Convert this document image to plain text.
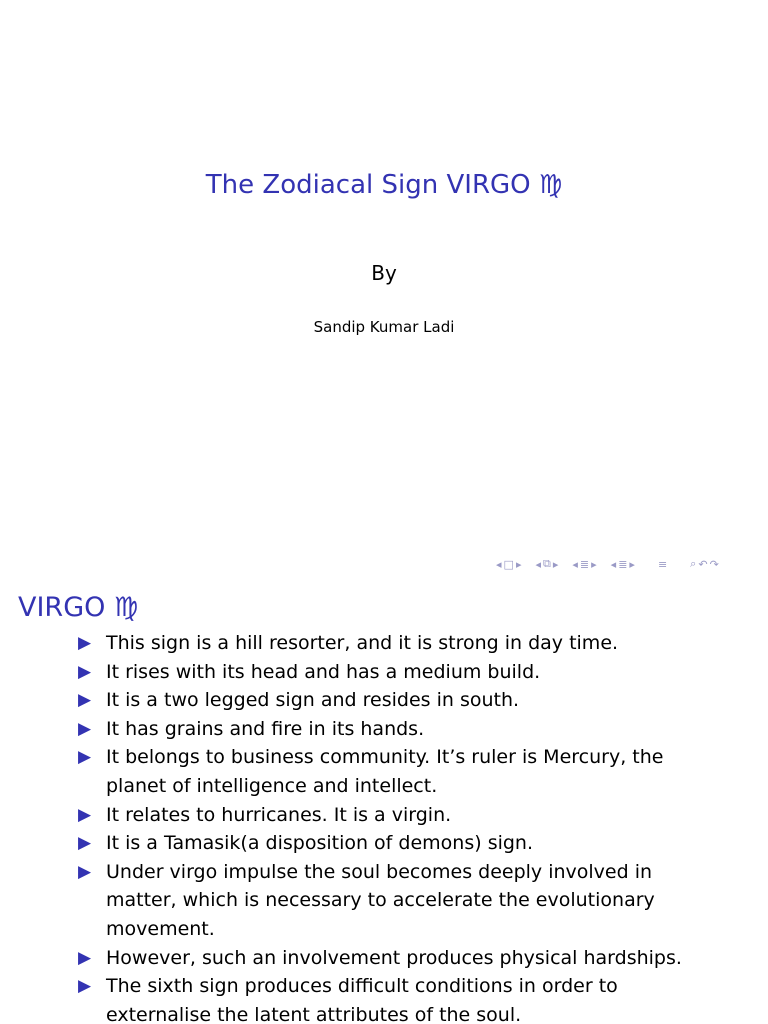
The Zodiacal Sign VIRGO ♍
By
Sandip Kumar Ladi
◂ □ ▸ ◂ ⧉ ▸ ◂ ≣ ▸ ◂ ≣ ▸ ≡ ⌕ ↶ ↷
VIRGO ♍
▶ This sign is a hill resorter, and it is strong in day time.
▶ It rises with its head and has a medium build.
▶ It is a two legged sign and resides in south.
▶ It has grains and fire in its hands.
▶ It belongs to business community. It’s ruler is Mercury, the planet of intelligence and intellect.
▶ It relates to hurricanes. It is a virgin.
▶ It is a Tamasik(a disposition of demons) sign.
▶ Under virgo impulse the soul becomes deeply involved in matter, which is necessary to accelerate the evolutionary movement.
▶ However, such an involvement produces physical hardships.
▶ The sixth sign produces difficult conditions in order to externalise the latent attributes of the soul.
